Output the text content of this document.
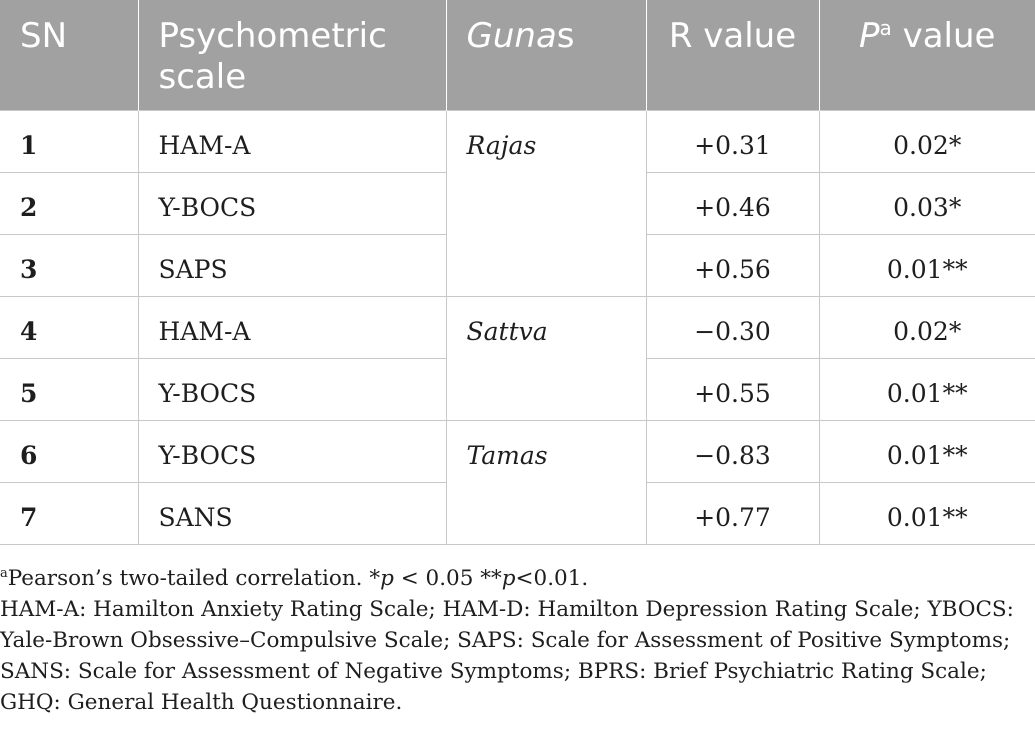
SN	Psychometric scale	Gunas	R value	$P^a$ value
1	HAM-A	Rajas	+0.31	0.02*
2	Y-BOCS		+0.46	0.03*
3	SAPS		+0.56	0.01**
4	HAM-A	Sattva	−0.30	0.02*
5	Y-BOCS		+0.55	0.01**
6	Y-BOCS	Tamas	−0.83	0.01**
7	SANS		+0.77	0.01**

$^a$Pearson’s two-tailed correlation. *p < 0.05 **p<0.01.

HAM-A: Hamilton Anxiety Rating Scale; HAM-D: Hamilton Depression Rating Scale; YBOCS: Yale-Brown Obsessive–Compulsive Scale; SAPS: Scale for Assessment of Positive Symptoms; SANS: Scale for Assessment of Negative Symptoms; BPRS: Brief Psychiatric Rating Scale; GHQ: General Health Questionnaire.
